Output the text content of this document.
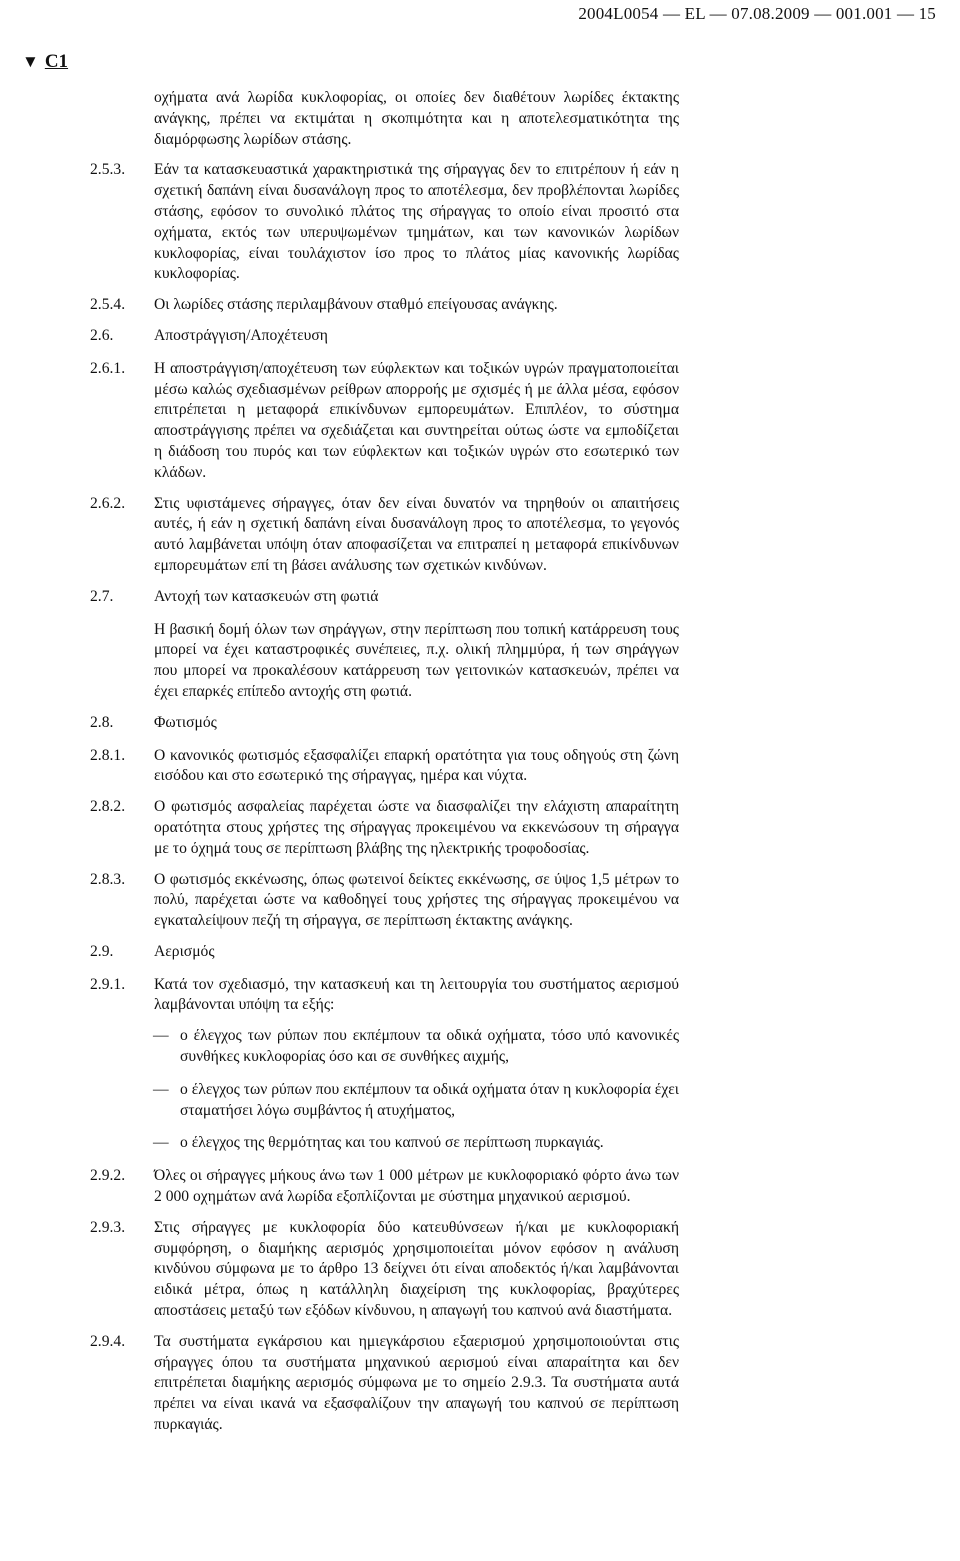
2004L0054 — EL — 07.08.2009 — 001.001 — 15
▼ C1
οχήματα ανά λωρίδα κυκλοφορίας, οι οποίες δεν διαθέτουν λωρίδες έκτακτης ανάγκης, πρέπει να εκτιμάται η σκοπιμότητα και η αποτελεσματικότητα της διαμόρφωσης λωρίδων στάσης.
2.5.3. Εάν τα κατασκευαστικά χαρακτηριστικά της σήραγγας δεν το επιτρέπουν ή εάν η σχετική δαπάνη είναι δυσανάλογη προς το αποτέλεσμα, δεν προβλέπονται λωρίδες στάσης, εφόσον το συνολικό πλάτος της σήραγγας το οποίο είναι προσιτό στα οχήματα, εκτός των υπερυψωμένων τμημάτων, και των κανονικών λωρίδων κυκλοφορίας, είναι τουλάχιστον ίσο προς το πλάτος μίας κανονικής λωρίδας κυκλοφορίας.
2.5.4. Οι λωρίδες στάσης περιλαμβάνουν σταθμό επείγουσας ανάγκης.
2.6.	Αποστράγγιση/Αποχέτευση
2.6.1. Η αποστράγγιση/αποχέτευση των εύφλεκτων και τοξικών υγρών πραγματοποιείται μέσω καλώς σχεδιασμένων ρείθρων απορροής με σχισμές ή με άλλα μέσα, εφόσον επιτρέπεται η μεταφορά επικίνδυνων εμπορευμάτων. Επιπλέον, το σύστημα αποστράγγισης πρέπει να σχεδιάζεται και συντηρείται ούτως ώστε να εμποδίζεται η διάδοση του πυρός και των εύφλεκτων και τοξικών υγρών στο εσωτερικό των κλάδων.
2.6.2. Στις υφιστάμενες σήραγγες, όταν δεν είναι δυνατόν να τηρηθούν οι απαιτήσεις αυτές, ή εάν η σχετική δαπάνη είναι δυσανάλογη προς το αποτέλεσμα, το γεγονός αυτό λαμβάνεται υπόψη όταν αποφασίζεται να επιτραπεί η μεταφορά επικίνδυνων εμπορευμάτων επί τη βάσει ανάλυσης των σχετικών κινδύνων.
2.7.	Αντοχή των κατασκευών στη φωτιά
Η βασική δομή όλων των σηράγγων, στην περίπτωση που τοπική κατάρρευση τους μπορεί να έχει καταστροφικές συνέπειες, π.χ. ολική πλημμύρα, ή των σηράγγων που μπορεί να προκαλέσουν κατάρρευση των γειτονικών κατασκευών, πρέπει να έχει επαρκές επίπεδο αντοχής στη φωτιά.
2.8.	Φωτισμός
2.8.1. Ο κανονικός φωτισμός εξασφαλίζει επαρκή ορατότητα για τους οδηγούς στη ζώνη εισόδου και στο εσωτερικό της σήραγγας, ημέρα και νύχτα.
2.8.2. Ο φωτισμός ασφαλείας παρέχεται ώστε να διασφαλίζει την ελάχιστη απαραίτητη ορατότητα στους χρήστες της σήραγγας προκειμένου να εκκενώσουν τη σήραγγα με το όχημά τους σε περίπτωση βλάβης της ηλεκτρικής τροφοδοσίας.
2.8.3. Ο φωτισμός εκκένωσης, όπως φωτεινοί δείκτες εκκένωσης, σε ύψος 1,5 μέτρων το πολύ, παρέχεται ώστε να καθοδηγεί τους χρήστες της σήραγγας προκειμένου να εγκαταλείψουν πεζή τη σήραγγα, σε περίπτωση έκτακτης ανάγκης.
2.9.	Αερισμός
2.9.1. Κατά τον σχεδιασμό, την κατασκευή και τη λειτουργία του συστήματος αερισμού λαμβάνονται υπόψη τα εξής:
— ο έλεγχος των ρύπων που εκπέμπουν τα οδικά οχήματα, τόσο υπό κανονικές συνθήκες κυκλοφορίας όσο και σε συνθήκες αιχμής,
— ο έλεγχος των ρύπων που εκπέμπουν τα οδικά οχήματα όταν η κυκλοφορία έχει σταματήσει λόγω συμβάντος ή ατυχήματος,
— ο έλεγχος της θερμότητας και του καπνού σε περίπτωση πυρκαγιάς.
2.9.2. Όλες οι σήραγγες μήκους άνω των 1 000 μέτρων με κυκλοφοριακό φόρτο άνω των 2 000 οχημάτων ανά λωρίδα εξοπλίζονται με σύστημα μηχανικού αερισμού.
2.9.3. Στις σήραγγες με κυκλοφορία δύο κατευθύνσεων ή/και με κυκλοφοριακή συμφόρηση, ο διαμήκης αερισμός χρησιμοποιείται μόνον εφόσον η ανάλυση κινδύνου σύμφωνα με το άρθρο 13 δείχνει ότι είναι αποδεκτός ή/και λαμβάνονται ειδικά μέτρα, όπως η κατάλληλη διαχείριση της κυκλοφορίας, βραχύτερες αποστάσεις μεταξύ των εξόδων κίνδυνου, η απαγωγή του καπνού ανά διαστήματα.
2.9.4. Τα συστήματα εγκάρσιου και ημιεγκάρσιου εξαερισμού χρησιμοποιούνται στις σήραγγες όπου τα συστήματα μηχανικού αερισμού είναι απαραίτητα και δεν επιτρέπεται διαμήκης αερισμός σύμφωνα με το σημείο 2.9.3. Τα συστήματα αυτά πρέπει να είναι ικανά να εξασφαλίζουν την απαγωγή του καπνού σε περίπτωση πυρκαγιάς.
